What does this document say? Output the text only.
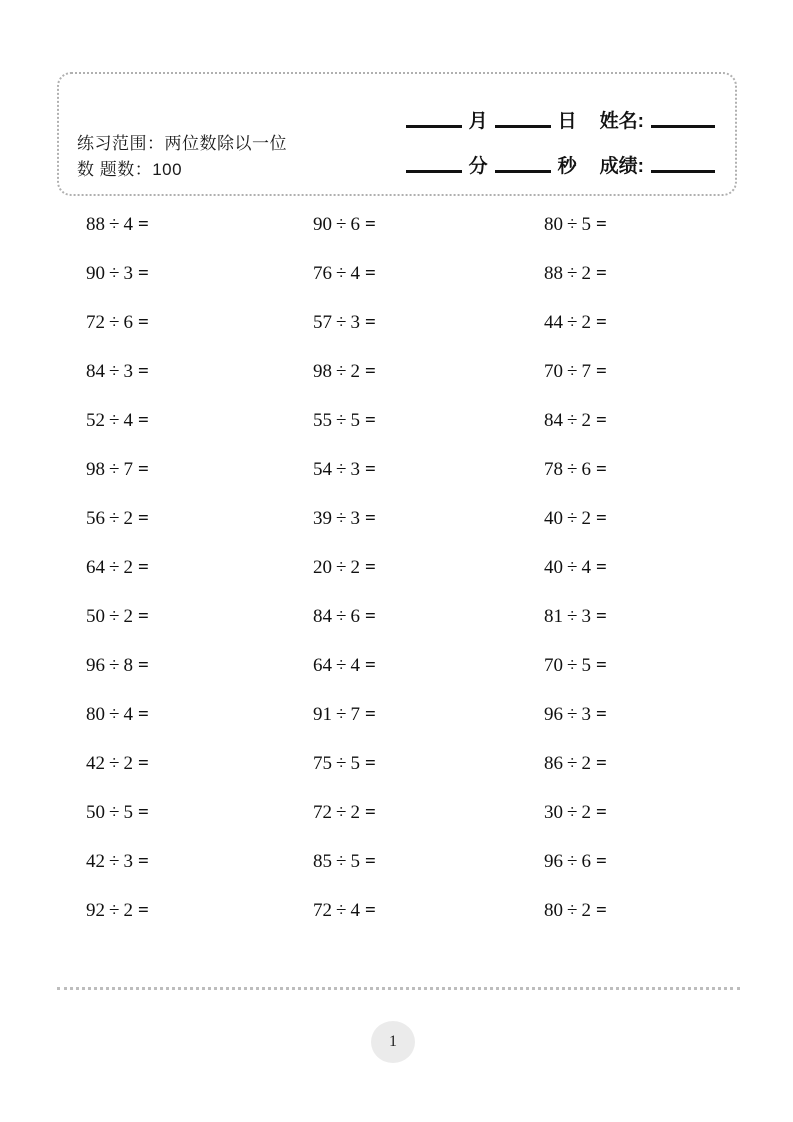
练习范围：两位数除以一位
数 题数：100
月	日 姓名:
分	秒 成绩:
88 ÷ 4 =	90 ÷ 6 =	80 ÷ 5 =
90 ÷ 3 =	76 ÷ 4 =	88 ÷ 2 =
72 ÷ 6 =	57 ÷ 3 =	44 ÷ 2 =
84 ÷ 3 =	98 ÷ 2 =	70 ÷ 7 =
52 ÷ 4 =	55 ÷ 5 =	84 ÷ 2 =
98 ÷ 7 =	54 ÷ 3 =	78 ÷ 6 =
56 ÷ 2 =	39 ÷ 3 =	40 ÷ 2 =
64 ÷ 2 =	20 ÷ 2 =	40 ÷ 4 =
50 ÷ 2 =	84 ÷ 6 =	81 ÷ 3 =
96 ÷ 8 =	64 ÷ 4 =	70 ÷ 5 =
80 ÷ 4 =	91 ÷ 7 =	96 ÷ 3 =
42 ÷ 2 =	75 ÷ 5 =	86 ÷ 2 =
50 ÷ 5 =	72 ÷ 2 =	30 ÷ 2 =
42 ÷ 3 =	85 ÷ 5 =	96 ÷ 6 =
92 ÷ 2 =	72 ÷ 4 =	80 ÷ 2 =
1
